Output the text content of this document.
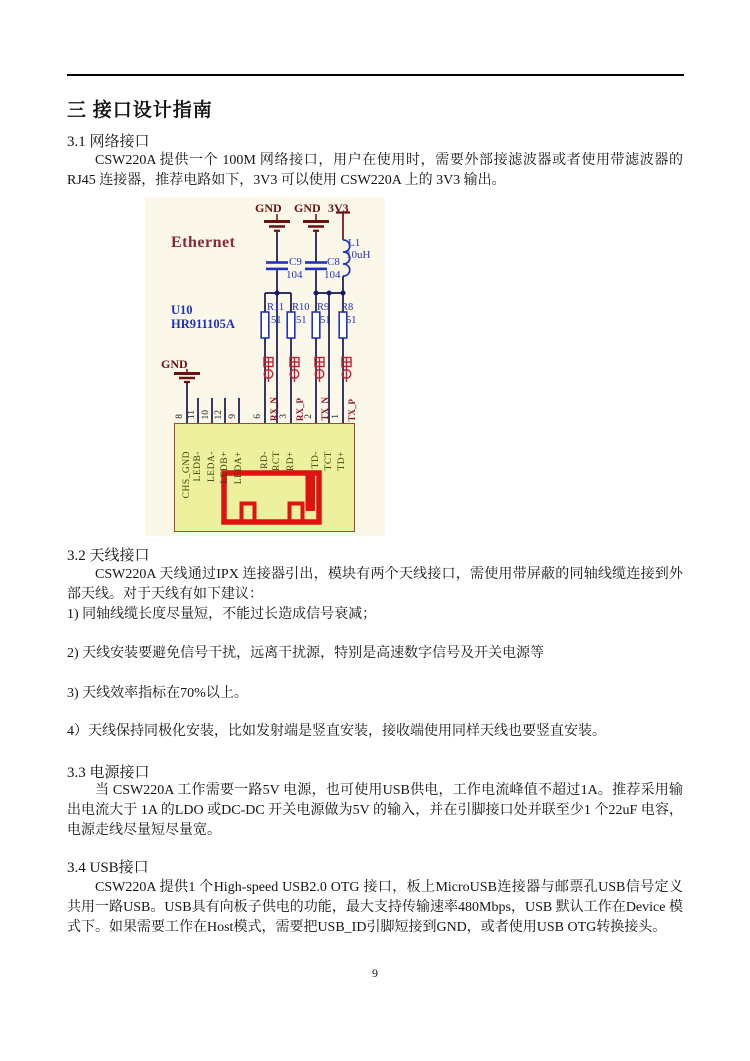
三 接口设计指南
3.1 网络接口
CSW220A 提供一个 100M 网络接口，用户在使用时，需要外部接滤波器或者使用带滤波器的 RJ45 连接器，推荐电路如下，3V3 可以使用 CSW220A 上的 3V3 输出。
3.2 天线接口
CSW220A 天线通过IPX 连接器引出，模块有两个天线接口，需使用带屏蔽的同轴线缆连接到外部天线。对于天线有如下建议：
1) 同轴线缆长度尽量短，不能过长造成信号衰减；
2) 天线安装要避免信号干扰，远离干扰源，特别是高速数字信号及开关电源等
3) 天线效率指标在70%以上。
4）天线保持同极化安装，比如发射端是竖直安装，接收端使用同样天线也要竖直安装。
3.3 电源接口
当 CSW220A 工作需要一路5V 电源，也可使用USB供电，工作电流峰值不超过1A。推荐采用输出电流大于 1A 的LDO 或DC-DC 开关电源做为5V 的输入，并在引脚接口处并联至少1 个22uF 电容，电源走线尽量短尽量宽。
3.4 USB接口
CSW220A 提供1 个High-speed USB2.0 OTG 接口，板上MicroUSB连接器与邮票孔USB信号定义共用一路USB。USB具有向板子供电的功能，最大支持传输速率480Mbps，USB 默认工作在Device 模式下。如果需要工作在Host模式，需要把USB_ID引脚短接到GND，或者使用USB OTG转换接头。
9
Ethernet
GND GND 3V3
L1
10uH
C9
104
C8
104
U10
HR911105A
R11
51
R10
51
R9
51
R8
51
GND
8 11 10 12 9 6 3 2 1
RX_N RX_P TX_N TX_P
CHS_GND LEDB- LEDA- LEDB+ LEDA+ RD- RCT RD+ TD- TCT TD+
